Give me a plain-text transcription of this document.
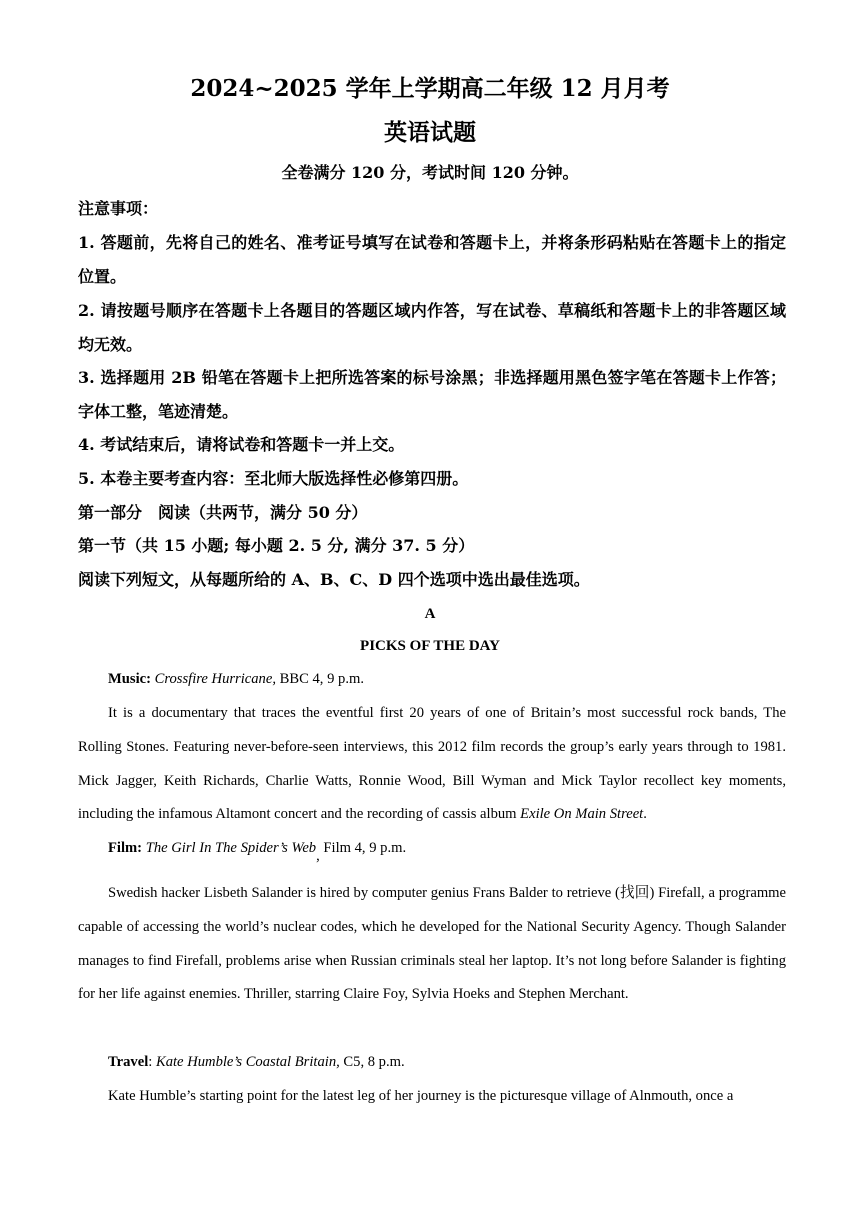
2024~2025 学年上学期高二年级 12 月月考
英语试题
全卷满分 120 分，考试时间 120 分钟。
注意事项：
1. 答题前，先将自己的姓名、准考证号填写在试卷和答题卡上，并将条形码粘贴在答题卡上的指定位置。
2. 请按题号顺序在答题卡上各题目的答题区域内作答，写在试卷、草稿纸和答题卡上的非答题区域均无效。
3. 选择题用 2B 铅笔在答题卡上把所选答案的标号涂黑；非选择题用黑色签字笔在答题卡上作答；字体工整，笔迹清楚。
4. 考试结束后，请将试卷和答题卡一并上交。
5. 本卷主要考查内容：至北师大版选择性必修第四册。
第一部分　阅读（共两节，满分 50 分）
第一节（共 15 小题; 每小题 2. 5 分, 满分 37. 5 分）
阅读下列短文，从每题所给的 A、B、C、D 四个选项中选出最佳选项。
A
PICKS OF THE DAY
Music: Crossfire Hurricane, BBC 4, 9 p.m.
It is a documentary that traces the eventful first 20 years of one of Britain’s most successful rock bands, The Rolling Stones. Featuring never-before-seen interviews, this 2012 film records the group’s early years through to 1981. Mick Jagger, Keith Richards, Charlie Watts, Ronnie Wood, Bill Wyman and Mick Taylor recollect key moments, including the infamous Altamont concert and the recording of cassis album Exile On Main Street.
Film: The Girl In The Spider’s Web, Film 4, 9 p.m.
Swedish hacker Lisbeth Salander is hired by computer genius Frans Balder to retrieve (找回) Firefall, a programme capable of accessing the world’s nuclear codes, which he developed for the National Security Agency. Though Salander manages to find Firefall, problems arise when Russian criminals steal her laptop. It’s not long before Salander is fighting for her life against enemies. Thriller, starring Claire Foy, Sylvia Hoeks and Stephen Merchant.
Travel: Kate Humble’s Coastal Britain, C5, 8 p.m.
Kate Humble’s starting point for the latest leg of her journey is the picturesque village of Alnmouth, once a
